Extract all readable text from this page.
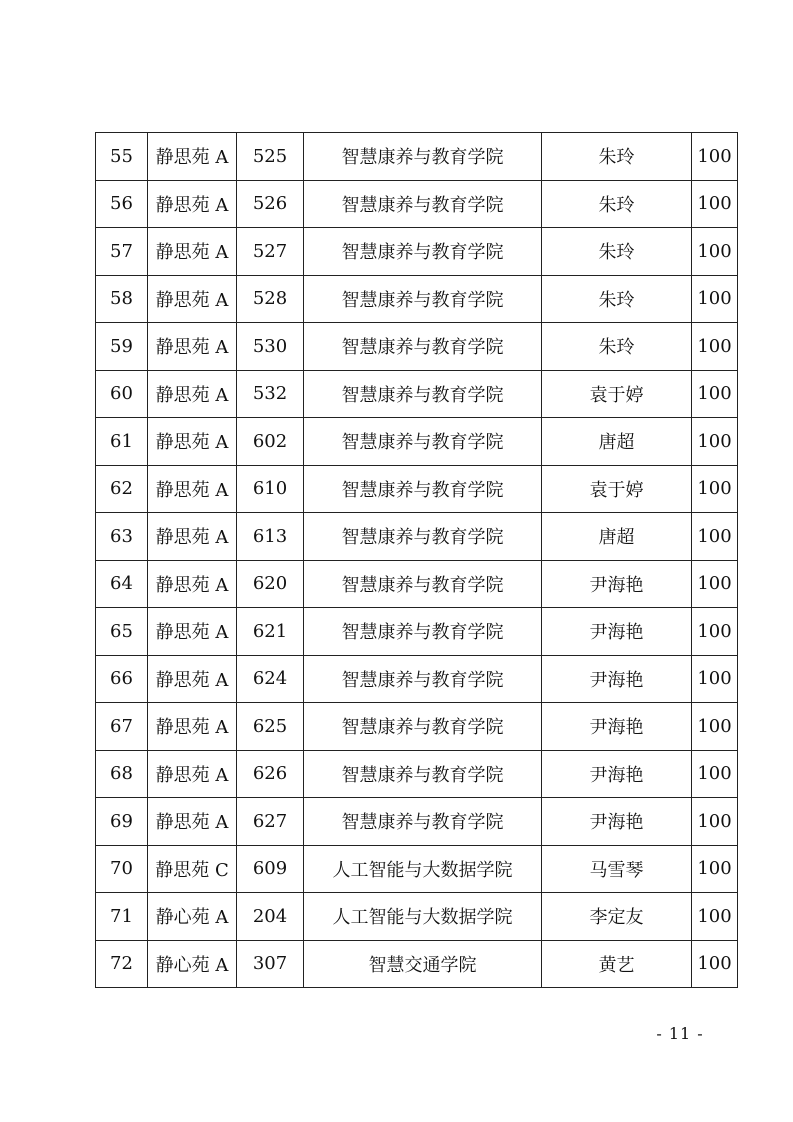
55	静思苑 A	525	智慧康养与教育学院	朱玲	100
56	静思苑 A	526	智慧康养与教育学院	朱玲	100
57	静思苑 A	527	智慧康养与教育学院	朱玲	100
58	静思苑 A	528	智慧康养与教育学院	朱玲	100
59	静思苑 A	530	智慧康养与教育学院	朱玲	100
60	静思苑 A	532	智慧康养与教育学院	袁于婷	100
61	静思苑 A	602	智慧康养与教育学院	唐超	100
62	静思苑 A	610	智慧康养与教育学院	袁于婷	100
63	静思苑 A	613	智慧康养与教育学院	唐超	100
64	静思苑 A	620	智慧康养与教育学院	尹海艳	100
65	静思苑 A	621	智慧康养与教育学院	尹海艳	100
66	静思苑 A	624	智慧康养与教育学院	尹海艳	100
67	静思苑 A	625	智慧康养与教育学院	尹海艳	100
68	静思苑 A	626	智慧康养与教育学院	尹海艳	100
69	静思苑 A	627	智慧康养与教育学院	尹海艳	100
70	静思苑 C	609	人工智能与大数据学院	马雪琴	100
71	静心苑 A	204	人工智能与大数据学院	李定友	100
72	静心苑 A	307	智慧交通学院	黄艺	100
- 11 -
